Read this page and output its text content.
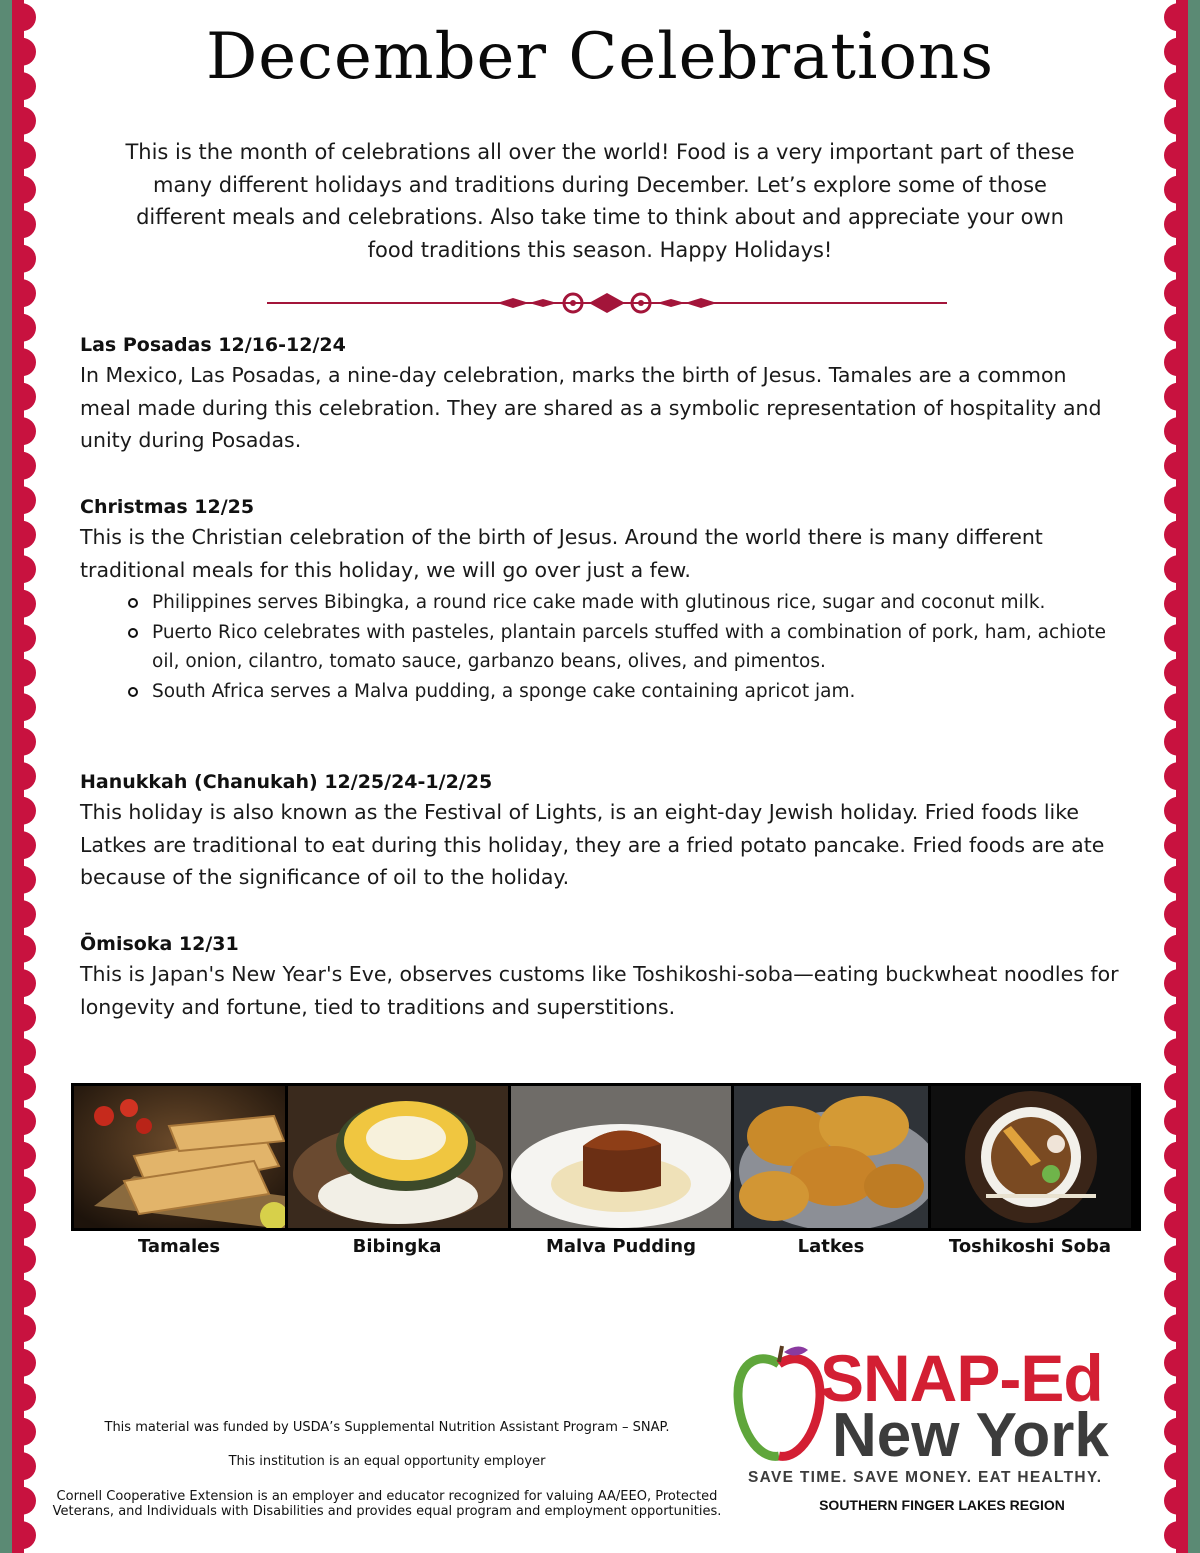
December Celebrations

This is the month of celebrations all over the world! Food is a very important part of these many different holidays and traditions during December. Let’s explore some of those different meals and celebrations. Also take time to think about and appreciate your own food traditions this season. Happy Holidays!

Las Posadas 12/16-12/24

In Mexico, Las Posadas, a nine-day celebration, marks the birth of Jesus. Tamales are a common meal made during this celebration. They are shared as a symbolic representation of hospitality and unity during Posadas.

Christmas 12/25

This is the Christian celebration of the birth of Jesus. Around the world there is many different traditional meals for this holiday, we will go over just a few.

Philippines serves Bibingka, a round rice cake made with glutinous rice, sugar and coconut milk.
Puerto Rico celebrates with pasteles, plantain parcels stuffed with a combination of pork, ham, achiote oil, onion, cilantro, tomato sauce, garbanzo beans, olives, and pimentos.
South Africa serves a Malva pudding, a sponge cake containing apricot jam.

Hanukkah (Chanukah) 12/25/24-1/2/25

This holiday is also known as the Festival of Lights, is an eight-day Jewish holiday. Fried foods like Latkes are traditional to eat during this holiday, they are a fried potato pancake. Fried foods are ate because of the significance of oil to the holiday.

Ōmisoka 12/31

This is Japan's New Year's Eve, observes customs like Toshikoshi-soba—eating buckwheat noodles for longevity and fortune, tied to traditions and superstitions.

Tamales	Bibingka	Malva Pudding	Latkes	Toshikoshi Soba
This material was funded by USDA’s Supplemental Nutrition Assistant Program – SNAP.
This institution is an equal opportunity employer
Cornell Cooperative Extension is an employer and educator recognized for valuing AA/EEO, Protected Veterans, and Individuals with Disabilities and provides equal program and employment opportunities.
SNAP-Ed
New York
SAVE TIME. SAVE MONEY. EAT HEALTHY.
SOUTHERN FINGER LAKES REGION
